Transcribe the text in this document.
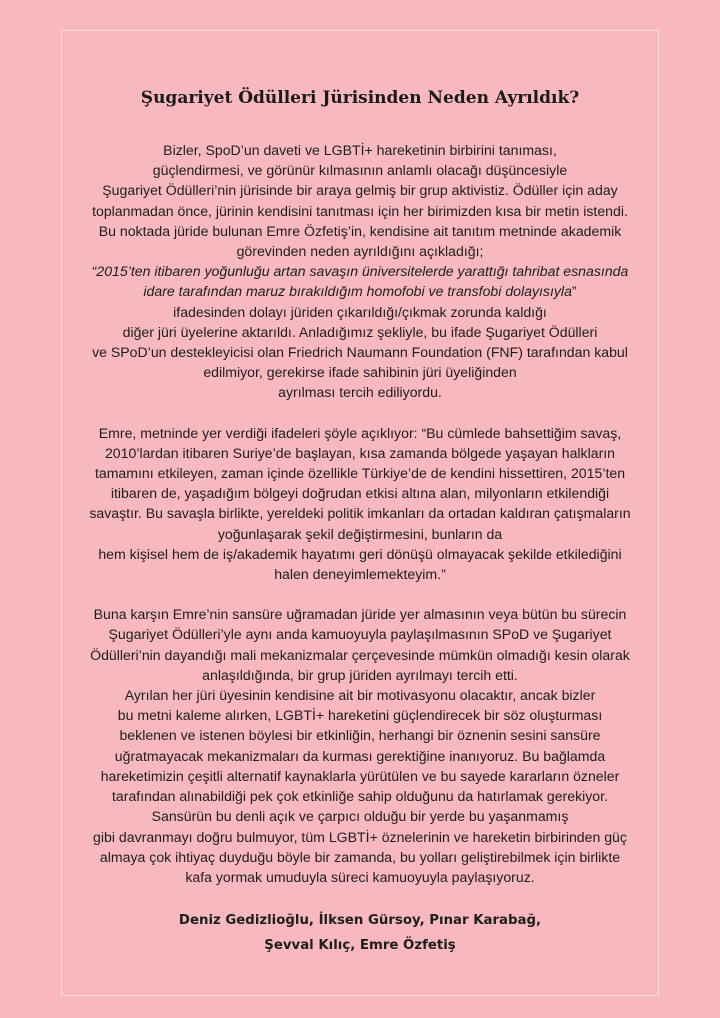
Şugariyet Ödülleri Jürisinden Neden Ayrıldık?
Bizler, SpoD’un daveti ve LGBTİ+ hareketinin birbirini tanıması,
güçlendirmesi, ve görünür kılmasının anlamlı olacağı düşüncesiyle
Şugariyet Ödülleri’nin jürisinde bir araya gelmiş bir grup aktivistiz. Ödüller için aday
toplanmadan önce, jürinin kendisini tanıtması için her birimizden kısa bir metin istendi.
Bu noktada jüride bulunan Emre Özfetiş’in, kendisine ait tanıtım metninde akademik
görevinden neden ayrıldığını açıkladığı;
“2015’ten itibaren yoğunluğu artan savaşın üniversitelerde yarattığı tahribat esnasında
idare tarafından maruz bırakıldığım homofobi ve transfobi dolayısıyla”
ifadesinden dolayı jüriden çıkarıldığı/çıkmak zorunda kaldığı
diğer jüri üyelerine aktarıldı. Anladığımız şekliyle, bu ifade Şugariyet Ödülleri
ve SPoD’un destekleyicisi olan Friedrich Naumann Foundation (FNF) tarafından kabul
edilmiyor, gerekirse ifade sahibinin jüri üyeliğinden
ayrılması tercih ediliyordu.
Emre, metninde yer verdiği ifadeleri şöyle açıklıyor: “Bu cümlede bahsettiğim savaş,
2010’lardan itibaren Suriye’de başlayan, kısa zamanda bölgede yaşayan halkların
tamamını etkileyen, zaman içinde özellikle Türkiye’de de kendini hissettiren, 2015’ten
itibaren de, yaşadığım bölgeyi doğrudan etkisi altına alan, milyonların etkilendiği
savaştır. Bu savaşla birlikte, yereldeki politik imkanları da ortadan kaldıran çatışmaların
yoğunlaşarak şekil değiştirmesini, bunların da
hem kişisel hem de iş/akademik hayatımı geri dönüşü olmayacak şekilde etkilediğini
halen deneyimlemekteyim.”
Buna karşın Emre’nin sansüre uğramadan jüride yer almasının veya bütün bu sürecin
Şugariyet Ödülleri’yle aynı anda kamuoyuyla paylaşılmasının SPoD ve Şugariyet
Ödülleri’nin dayandığı mali mekanizmalar çerçevesinde mümkün olmadığı kesin olarak
anlaşıldığında, bir grup jüriden ayrılmayı tercih etti.
Ayrılan her jüri üyesinin kendisine ait bir motivasyonu olacaktır, ancak bizler
bu metni kaleme alırken, LGBTİ+ hareketini güçlendirecek bir söz oluşturması
beklenen ve istenen böylesi bir etkinliğin, herhangi bir öznenin sesini sansüre
uğratmayacak mekanizmaları da kurması gerektiğine inanıyoruz. Bu bağlamda
hareketimizin çeşitli alternatif kaynaklarla yürütülen ve bu sayede kararların özneler
tarafından alınabildiği pek çok etkinliğe sahip olduğunu da hatırlamak gerekiyor.
Sansürün bu denli açık ve çarpıcı olduğu bir yerde bu yaşanmamış
gibi davranmayı doğru bulmuyor, tüm LGBTİ+ öznelerinin ve hareketin birbirinden güç
almaya çok ihtiyaç duyduğu böyle bir zamanda, bu yolları geliştirebilmek için birlikte
kafa yormak umuduyla süreci kamuoyuyla paylaşıyoruz.
Deniz Gedizlioğlu, İlksen Gürsoy, Pınar Karabağ,
Şevval Kılıç, Emre Özfetiş
